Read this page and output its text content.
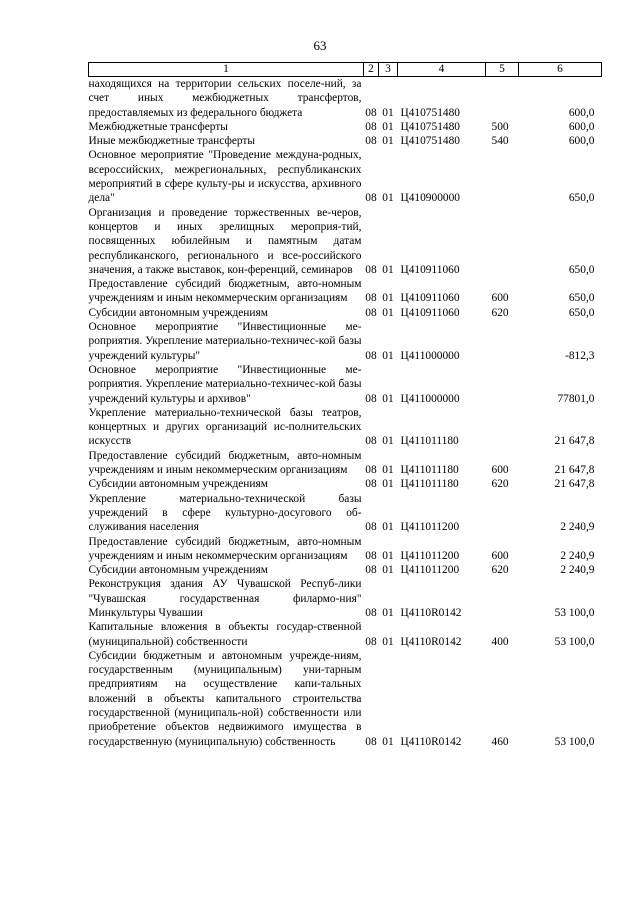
63
1	2	3	4	5	6
находящихся на территории сельских поселе-ний, за счет иных межбюджетных трансфертов, предоставляемых из федерального бюджета	08	01	Ц410751480		600,0
Межбюджетные трансферты	08	01	Ц410751480	500	600,0
Иные межбюджетные трансферты	08	01	Ц410751480	540	600,0
Основное мероприятие "Проведение междуна-родных, всероссийских, межрегиональных, республиканских мероприятий в сфере культу-ры и искусства, архивного дела"	08	01	Ц410900000		650,0
Организация и проведение торжественных ве-черов, концертов и иных зрелищных мероприя-тий, посвященных юбилейным и памятным датам республиканского, регионального и все-российского значения, а также выставок, кон-ференций, семинаров	08	01	Ц410911060		650,0
Предоставление субсидий бюджетным, авто-номным учреждениям и иным некоммерческим организациям	08	01	Ц410911060	600	650,0
Субсидии автономным учреждениям	08	01	Ц410911060	620	650,0
Основное мероприятие "Инвестиционные ме-роприятия. Укрепление материально-техничес-кой базы учреждений культуры"	08	01	Ц411000000		-812,3
Основное мероприятие "Инвестиционные ме-роприятия. Укрепление материально-техничес-кой базы учреждений культуры и архивов"	08	01	Ц411000000		77801,0
Укрепление материально-технической базы театров, концертных и других организаций ис-полнительских искусств	08	01	Ц411011180		21 647,8
Предоставление субсидий бюджетным, авто-номным учреждениям и иным некоммерческим организациям	08	01	Ц411011180	600	21 647,8
Субсидии автономным учреждениям	08	01	Ц411011180	620	21 647,8
Укрепление материально-технической базы учреждений в сфере культурно-досугового об-служивания населения	08	01	Ц411011200		2 240,9
Предоставление субсидий бюджетным, авто-номным учреждениям и иным некоммерческим организациям	08	01	Ц411011200	600	2 240,9
Субсидии автономным учреждениям	08	01	Ц411011200	620	2 240,9
Реконструкция здания АУ Чувашской Респуб-лики "Чувашская государственная филармо-ния" Минкультуры Чувашии	08	01	Ц4110R0142		53 100,0
Капитальные вложения в объекты государ-ственной (муниципальной) собственности	08	01	Ц4110R0142	400	53 100,0
Субсидии бюджетным и автономным учрежде-ниям, государственным (муниципальным) уни-тарным предприятиям на осуществление капи-тальных вложений в объекты капитального строительства государственной (муниципаль-ной) собственности или приобретение объектов недвижимого имущества в государственную (муниципальную) собственность	08	01	Ц4110R0142	460	53 100,0
